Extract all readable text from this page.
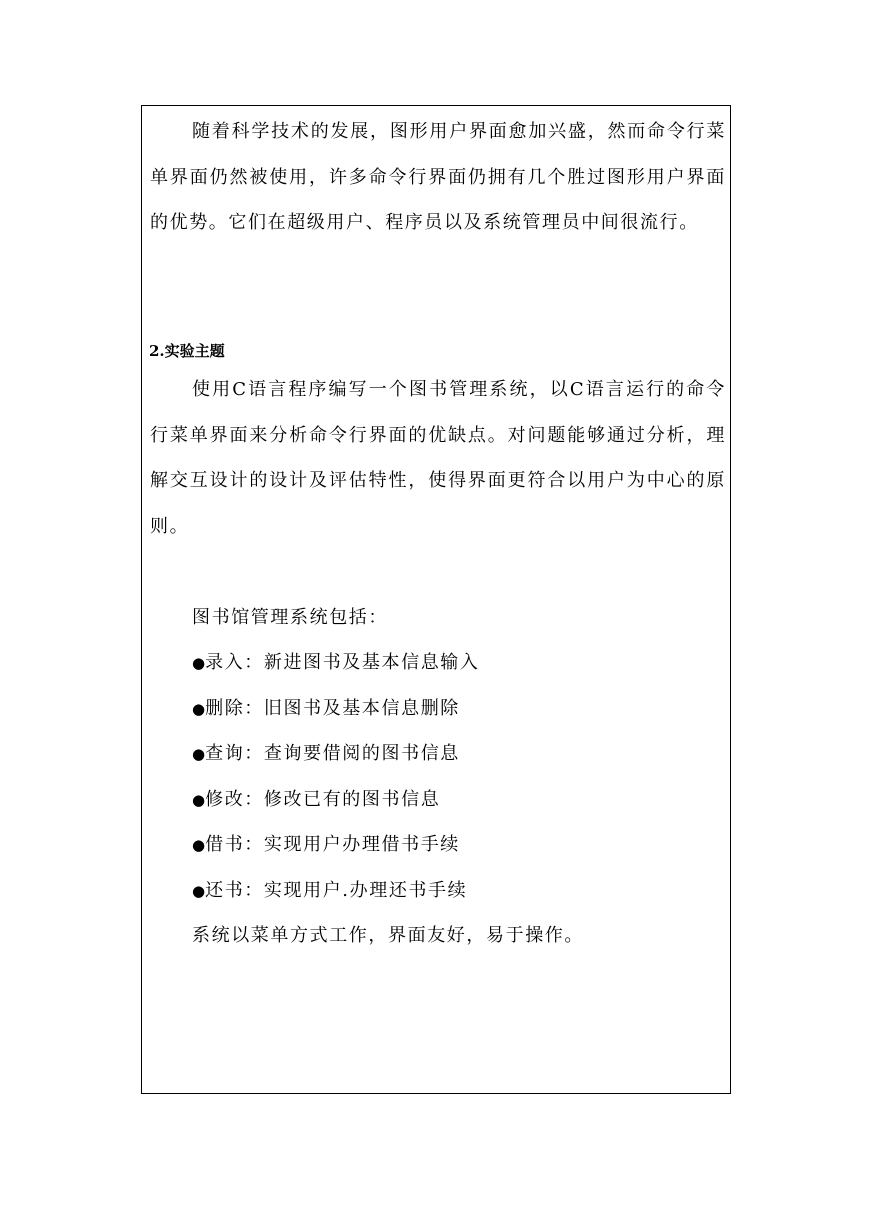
随着科学技术的发展，图形用户界面愈加兴盛，然而命令行菜单界面仍然被使用，许多命令行界面仍拥有几个胜过图形用户界面的优势。它们在超级用户、程序员以及系统管理员中间很流行。

2.实验主题

使用C语言程序编写一个图书管理系统，以C语言运行的命令行菜单界面来分析命令行界面的优缺点。对问题能够通过分析，理解交互设计的设计及评估特性，使得界面更符合以用户为中心的原则。

图书馆管理系统包括：
●录入：新进图书及基本信息输入
●删除：旧图书及基本信息删除
●查询：查询要借阅的图书信息
●修改：修改已有的图书信息
●借书：实现用户办理借书手续
●还书：实现用户.办理还书手续
系统以菜单方式工作，界面友好，易于操作。
